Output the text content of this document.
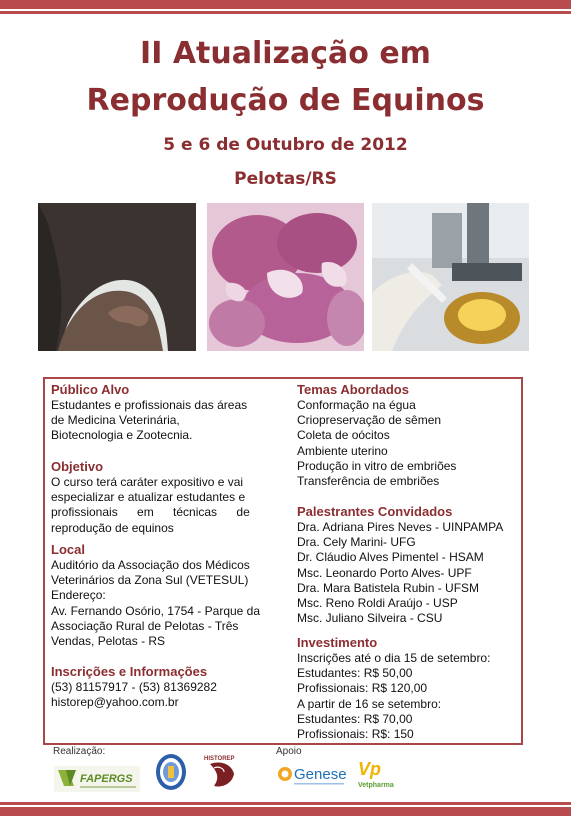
II Atualização em
Reprodução de Equinos
5 e 6 de Outubro de 2012
Pelotas/RS
Público Alvo
Estudantes e profissionais das áreas
de Medicina Veterinária,
Biotecnologia e Zootecnia.
Objetivo
O curso terá caráter expositivo e vai
especializar e atualizar estudantes e
profissionais em técnicas de
reprodução de equinos
Local
Auditório da Associação dos Médicos
Veterinários da Zona Sul (VETESUL)
Endereço:
Av. Fernando Osório, 1754 - Parque da
Associação Rural de Pelotas - Três
Vendas, Pelotas - RS
Inscrições e Informações
(53) 81157917 - (53) 81369282
historep@yahoo.com.br
Temas Abordados
Conformação na égua
Criopreservação de sêmen
Coleta de oócitos
Ambiente uterino
Produção in vitro de embriões
Transferência de embriões
Palestrantes Convidados
Dra. Adriana Pires Neves - UINPAMPA
Dra. Cely Marini- UFG
Dr. Cláudio Alves Pimentel - HSAM
Msc. Leonardo Porto Alves- UPF
Dra. Mara Batistela Rubin - UFSM
Msc. Reno Roldi Araújo - USP
Msc. Juliano Silveira - CSU
Investimento
Inscrições até o dia 15 de setembro:
Estudantes: R$ 50,00
Profissionais: R$ 120,00
A partir de 16 se setembro:
Estudantes: R$ 70,00
Profissionais: R$: 150
Realização:	Apoio
FAPERGS
HISTOREP
Genese Vp
Vetpharma
